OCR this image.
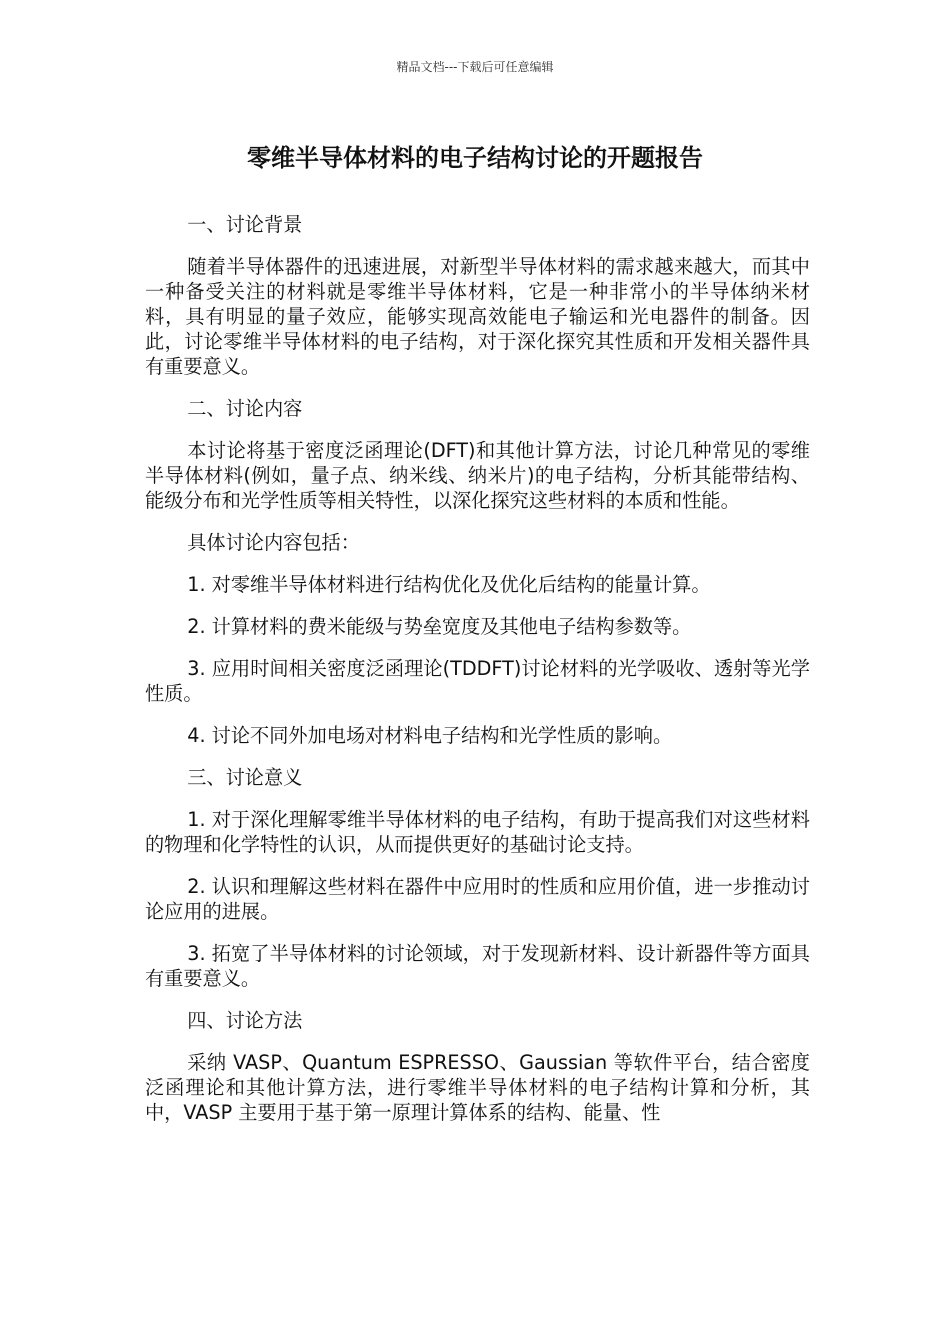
精品文档---下载后可任意编辑
零维半导体材料的电子结构讨论的开题报告

一、讨论背景

随着半导体器件的迅速进展，对新型半导体材料的需求越来越大，而其中一种备受关注的材料就是零维半导体材料，它是一种非常小的半导体纳米材料，具有明显的量子效应，能够实现高效能电子输运和光电器件的制备。因此，讨论零维半导体材料的电子结构，对于深化探究其性质和开发相关器件具有重要意义。

二、讨论内容

本讨论将基于密度泛函理论(DFT)和其他计算方法，讨论几种常见的零维半导体材料(例如，量子点、纳米线、纳米片)的电子结构，分析其能带结构、能级分布和光学性质等相关特性，以深化探究这些材料的本质和性能。

具体讨论内容包括：

1. 对零维半导体材料进行结构优化及优化后结构的能量计算。

2. 计算材料的费米能级与势垒宽度及其他电子结构参数等。

3. 应用时间相关密度泛函理论(TDDFT)讨论材料的光学吸收、透射等光学性质。

4. 讨论不同外加电场对材料电子结构和光学性质的影响。

三、讨论意义

1. 对于深化理解零维半导体材料的电子结构，有助于提高我们对这些材料的物理和化学特性的认识，从而提供更好的基础讨论支持。

2. 认识和理解这些材料在器件中应用时的性质和应用价值，进一步推动讨论应用的进展。

3. 拓宽了半导体材料的讨论领域，对于发现新材料、设计新器件等方面具有重要意义。

四、讨论方法

采纳 VASP、Quantum ESPRESSO、Gaussian 等软件平台，结合密度泛函理论和其他计算方法，进行零维半导体材料的电子结构计算和分析，其中，VASP 主要用于基于第一原理计算体系的结构、能量、性
